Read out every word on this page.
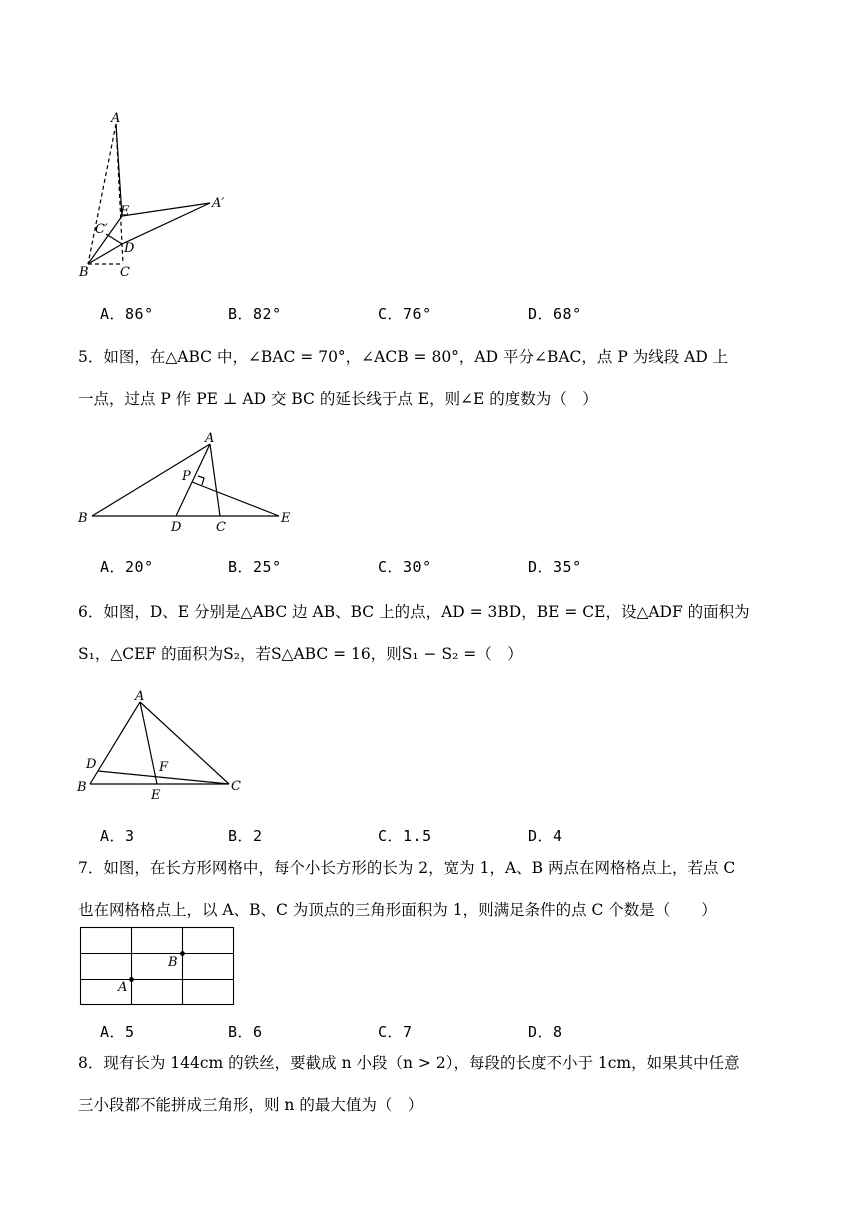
A
E
A′
C′
D
B C
A．86°	B．82°	C．76°	D．68°
5．如图，在△ABC 中，∠BAC = 70°，∠ACB = 80°，AD 平分∠BAC，点 P 为线段 AD 上
一点，过点 P 作 PE ⊥ AD 交 BC 的延长线于点 E，则∠E 的度数为（　）
A
P
B
D	C
E
A．20°	B．25°	C．30°	D．35°
6．如图，D、E 分别是△ABC 边 AB、BC 上的点，AD = 3BD，BE = CE，设△ADF 的面积为
S₁，△CEF 的面积为S₂，若S△ABC = 16，则S₁ − S₂ =（　）
A
D	F
B
E
C
A．3	B．2	C．1.5	D．4
7．如图，在长方形网格中，每个小长方形的长为 2，宽为 1，A、B 两点在网格格点上，若点 C
也在网格格点上，以 A、B、C 为顶点的三角形面积为 1，则满足条件的点 C 个数是（　　）
B
A
A．5	B．6	C．7	D．8
8．现有长为 144cm 的铁丝，要截成 n 小段（n > 2），每段的长度不小于 1cm，如果其中任意
三小段都不能拼成三角形，则 n 的最大值为（　）
